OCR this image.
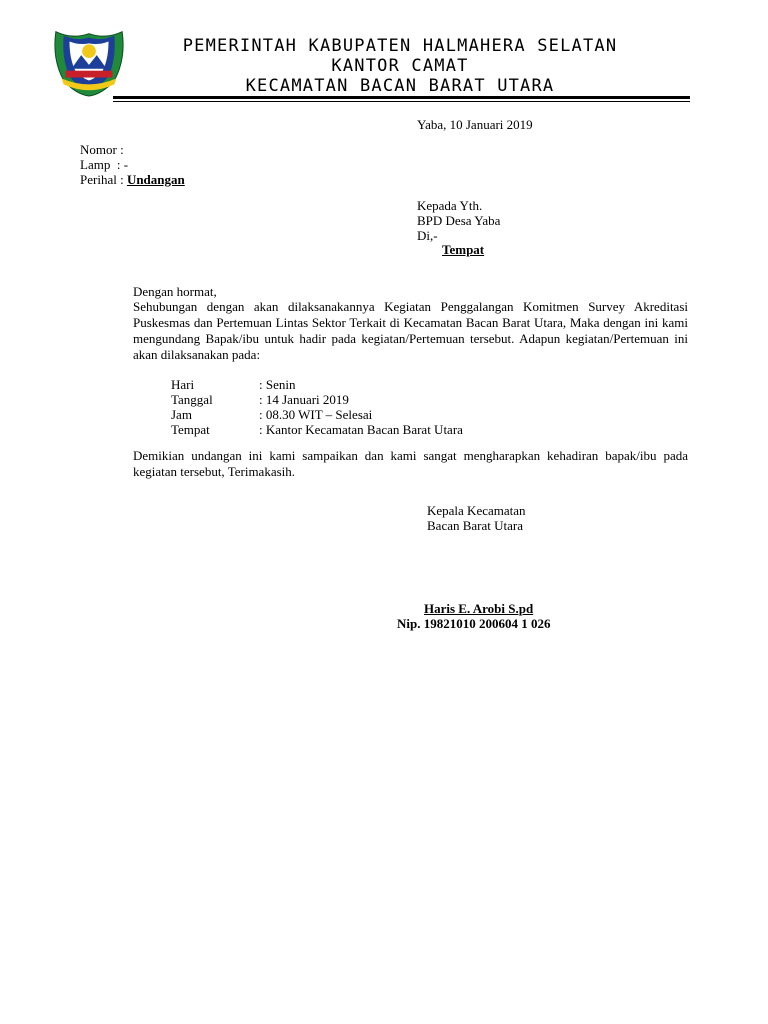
PEMERINTAH KABUPATEN HALMAHERA SELATAN
KANTOR CAMAT
KECAMATAN BACAN BARAT UTARA
Yaba, 10 Januari 2019
Nomor :
Lamp  : -
Perihal : Undangan
Kepada Yth.
BPD Desa Yaba
Di,-
Tempat
Dengan hormat,
Sehubungan dengan akan dilaksanakannya Kegiatan Penggalangan Komitmen Survey Akreditasi Puskesmas dan Pertemuan Lintas Sektor Terkait di Kecamatan Bacan Barat Utara, Maka dengan ini kami mengundang Bapak/ibu untuk hadir pada kegiatan/Pertemuan tersebut. Adapun kegiatan/Pertemuan ini akan dilaksanakan pada:
Hari	: Senin
Tanggal	: 14 Januari 2019
Jam	: 08.30 WIT – Selesai
Tempat	: Kantor Kecamatan Bacan Barat Utara
Demikian undangan ini kami sampaikan dan kami sangat mengharapkan kehadiran bapak/ibu pada kegiatan tersebut, Terimakasih.
Kepala Kecamatan
Bacan Barat Utara
Haris E. Arobi S.pd
Nip. 19821010 200604 1 026
